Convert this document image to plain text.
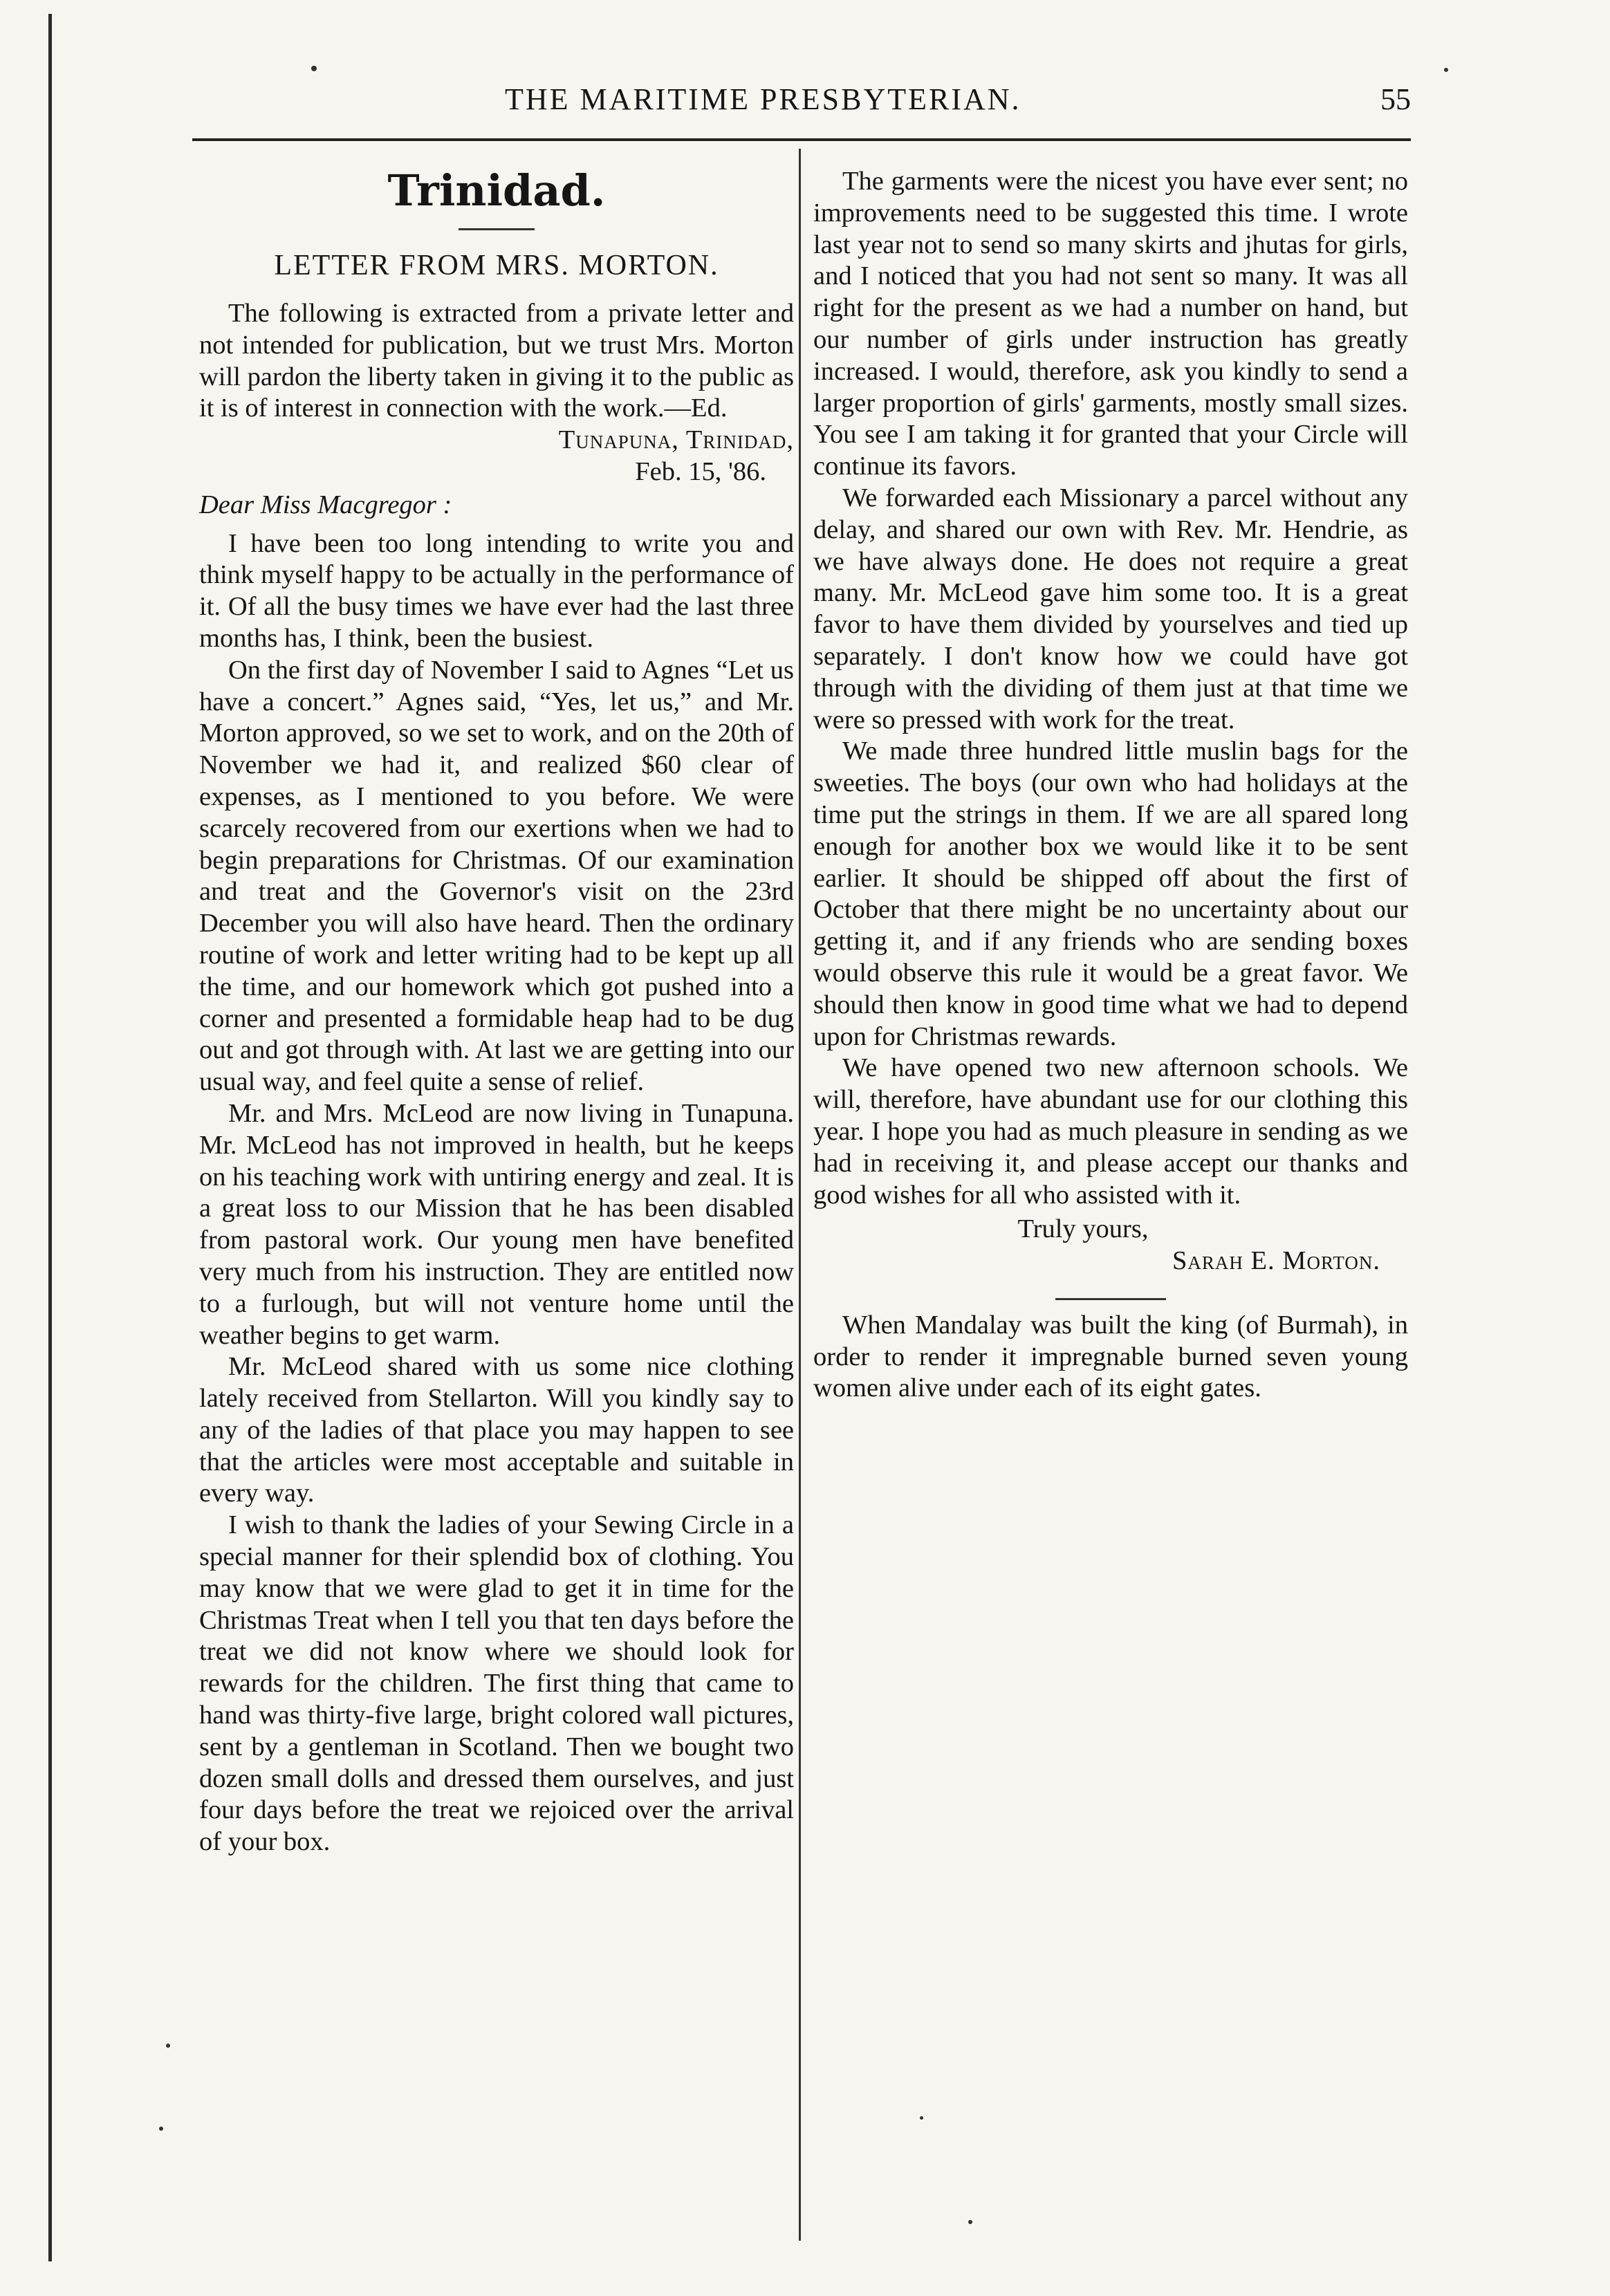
THE MARITIME PRESBYTERIAN.	55
Trinidad.
LETTER FROM MRS. MORTON.

The following is extracted from a private letter and not intended for publication, but we trust Mrs. Morton will pardon the liberty taken in giving it to the public as it is of interest in connection with the work.—Ed.

Tunapuna, Trinidad,
Feb. 15, '86.

Dear Miss Macgregor :

I have been too long intending to write you and think myself happy to be actually in the performance of it. Of all the busy times we have ever had the last three months has, I think, been the busiest.

On the first day of November I said to Agnes “Let us have a concert.” Agnes said, “Yes, let us,” and Mr. Morton approved, so we set to work, and on the 20th of November we had it, and realized $60 clear of expenses, as I mentioned to you before. We were scarcely recovered from our exertions when we had to begin preparations for Christmas. Of our examination and treat and the Governor's visit on the 23rd December you will also have heard. Then the ordinary routine of work and letter writing had to be kept up all the time, and our homework which got pushed into a corner and presented a formidable heap had to be dug out and got through with. At last we are getting into our usual way, and feel quite a sense of relief.

Mr. and Mrs. McLeod are now living in Tunapuna. Mr. McLeod has not improved in health, but he keeps on his teaching work with untiring energy and zeal. It is a great loss to our Mission that he has been disabled from pastoral work. Our young men have benefited very much from his instruction. They are entitled now to a furlough, but will not venture home until the weather begins to get warm.

Mr. McLeod shared with us some nice clothing lately received from Stellarton. Will you kindly say to any of the ladies of that place you may happen to see that the articles were most acceptable and suitable in every way.

I wish to thank the ladies of your Sewing Circle in a special manner for their splendid box of clothing. You may know that we were glad to get it in time for the Christmas Treat when I tell you that ten days before the treat we did not know where we should look for rewards for the children. The first thing that came to hand was thirty-five large, bright colored wall pictures, sent by a gentleman in Scotland. Then we bought two dozen small dolls and dressed them ourselves, and just four days before the treat we rejoiced over the arrival of your box.

The garments were the nicest you have ever sent; no improvements need to be suggested this time. I wrote last year not to send so many skirts and jhutas for girls, and I noticed that you had not sent so many. It was all right for the present as we had a number on hand, but our number of girls under instruction has greatly increased. I would, therefore, ask you kindly to send a larger proportion of girls' garments, mostly small sizes. You see I am taking it for granted that your Circle will continue its favors.

We forwarded each Missionary a parcel without any delay, and shared our own with Rev. Mr. Hendrie, as we have always done. He does not require a great many. Mr. McLeod gave him some too. It is a great favor to have them divided by yourselves and tied up separately. I don't know how we could have got through with the dividing of them just at that time we were so pressed with work for the treat.

We made three hundred little muslin bags for the sweeties. The boys (our own who had holidays at the time put the strings in them. If we are all spared long enough for another box we would like it to be sent earlier. It should be shipped off about the first of October that there might be no uncertainty about our getting it, and if any friends who are sending boxes would observe this rule it would be a great favor. We should then know in good time what we had to depend upon for Christmas rewards.

We have opened two new afternoon schools. We will, therefore, have abundant use for our clothing this year. I hope you had as much pleasure in sending as we had in receiving it, and please accept our thanks and good wishes for all who assisted with it.

Truly yours,
Sarah E. Morton.

When Mandalay was built the king (of Burmah), in order to render it impregnable burned seven young women alive under each of its eight gates.
